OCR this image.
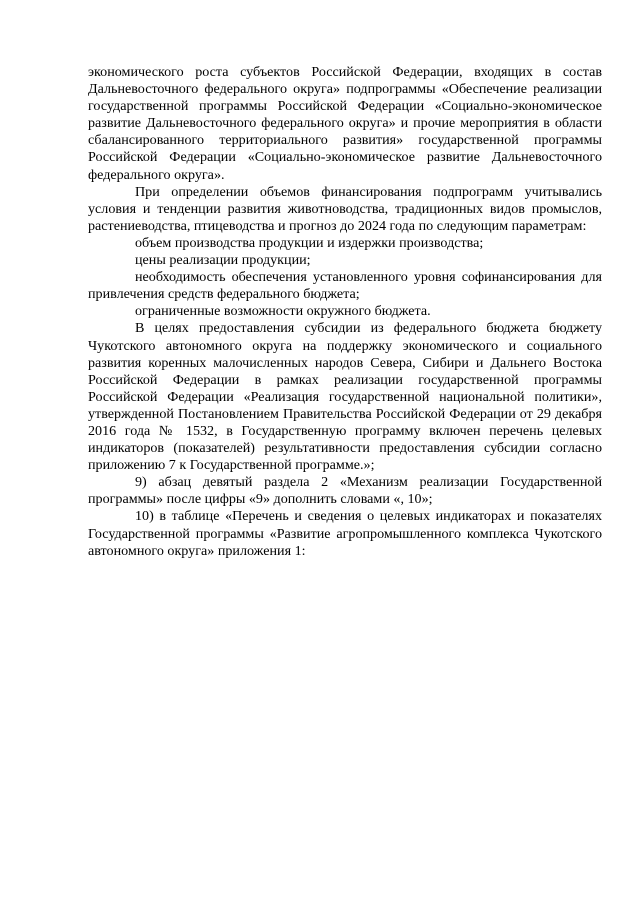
экономического роста субъектов Российской Федерации, входящих в состав Дальневосточного федерального округа» подпрограммы «Обеспечение реализации государственной программы Российской Федерации «Социально-экономическое развитие Дальневосточного федерального округа» и прочие мероприятия в области сбалансированного территориального развития» государственной программы Российской Федерации «Социально-экономическое развитие Дальневосточного федерального округа».

При определении объемов финансирования подпрограмм учитывались условия и тенденции развития животноводства, традиционных видов промыслов, растениеводства, птицеводства и прогноз до 2024 года по следующим параметрам:

объем производства продукции и издержки производства;

цены реализации продукции;

необходимость обеспечения установленного уровня софинансирования для привлечения средств федерального бюджета;

ограниченные возможности окружного бюджета.

В целях предоставления субсидии из федерального бюджета бюджету Чукотского автономного округа на поддержку экономического и социального развития коренных малочисленных народов Севера, Сибири и Дальнего Востока Российской Федерации в рамках реализации государственной программы Российской Федерации «Реализация государственной национальной политики», утвержденной Постановлением Правительства Российской Федерации от 29 декабря 2016 года № 1532, в Государственную программу включен перечень целевых индикаторов (показателей) результативности предоставления субсидии согласно приложению 7 к Государственной программе.»;

9) абзац девятый раздела 2 «Механизм реализации Государственной программы» после цифры «9» дополнить словами «, 10»;

10) в таблице «Перечень и сведения о целевых индикаторах и показателях Государственной программы «Развитие агропромышленного комплекса Чукотского автономного округа» приложения 1:
